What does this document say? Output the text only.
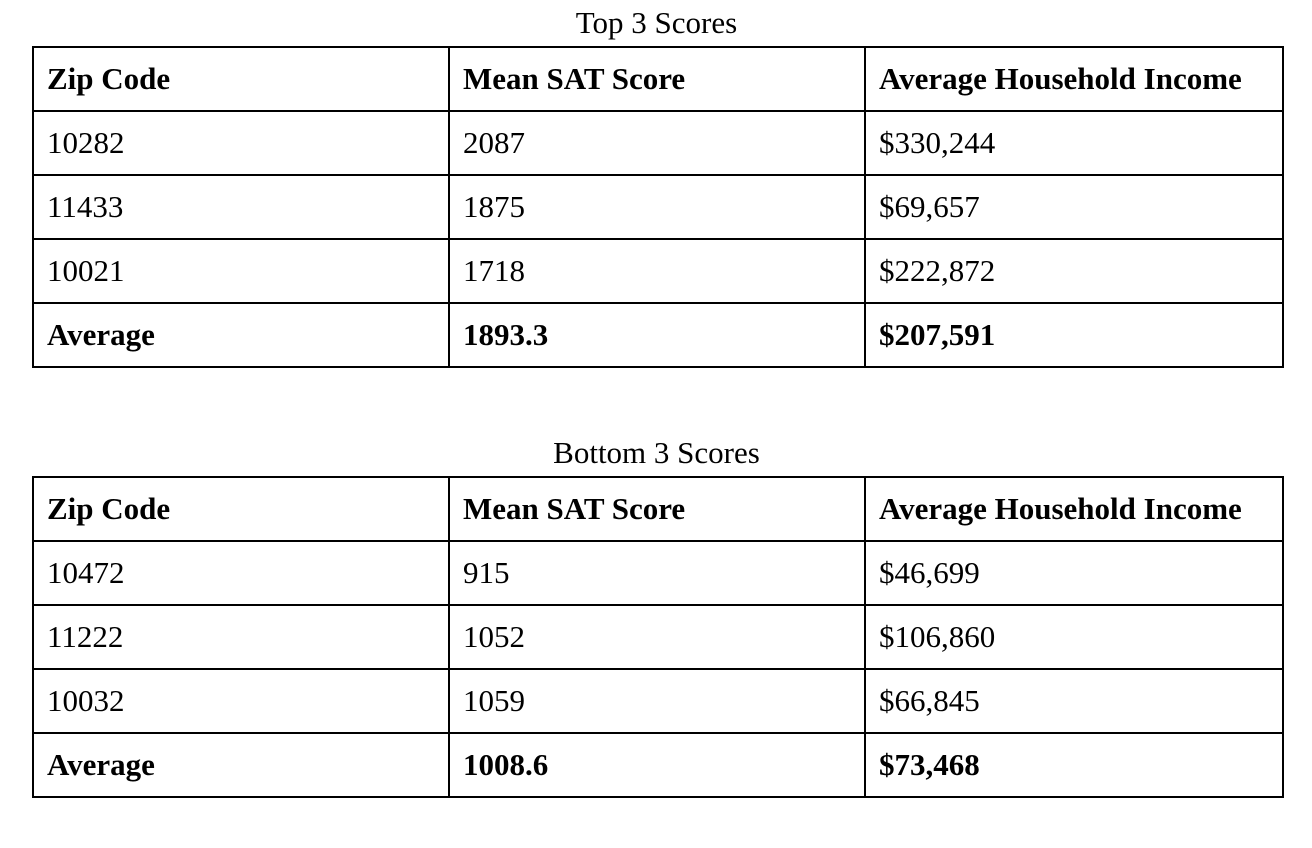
Top 3 Scores
Zip Code	Mean SAT Score	Average Household Income
10282	2087	$330,244
11433	1875	$69,657
10021	1718	$222,872
Average	1893.3	$207,591
Bottom 3 Scores
Zip Code	Mean SAT Score	Average Household Income
10472	915	$46,699
11222	1052	$106,860
10032	1059	$66,845
Average	1008.6	$73,468
